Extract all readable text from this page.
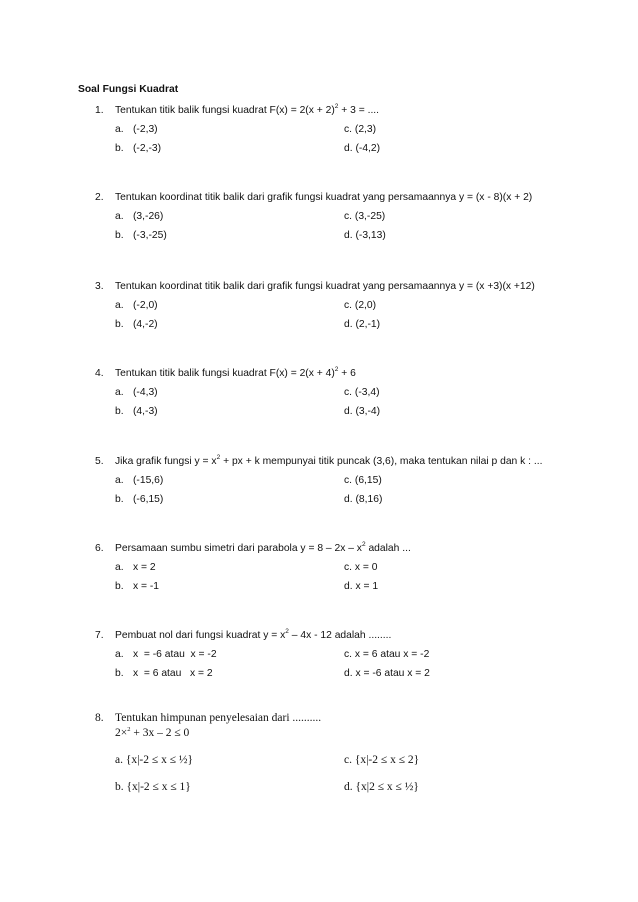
Soal Fungsi Kuadrat
1. Tentukan titik balik fungsi kuadrat $F(x) = 2(x + 2)^2 + 3$ = ....
a. (-2,3)	c. (2,3)
b. (-2,-3)	d. (-4,2)
2. Tentukan koordinat titik balik dari grafik fungsi kuadrat yang persamaannya y = (x - 8)(x + 2)
a. (3,-26)	c. (3,-25)
b. (-3,-25)	d. (-3,13)
3. Tentukan koordinat titik balik dari grafik fungsi kuadrat yang persamaannya y = (x +3)(x +12)
a. (-2,0)	c. (2,0)
b. (4,-2)	d. (2,-1)
4. Tentukan titik balik fungsi kuadrat $F(x) = 2(x + 4)^2 + 6$
a. (-4,3)	c. (-3,4)
b. (4,-3)	d. (3,-4)
5. Jika grafik fungsi $y = x^2$ + px + k mempunyai titik puncak (3,6), maka tentukan nilai p dan k : ...
a. (-15,6)	c. (6,15)
b. (-6,15)	d. (8,16)
6. Persamaan sumbu simetri dari parabola $y = 8 - 2x - x^2$ adalah ...
a. x = 2	c. x = 0
b. x = -1	d. x = 1
7. Pembuat nol dari fungsi kuadrat $y = x^2 - 4x - 12$ adalah ........
a. x  = -6 atau  x = -2	c. x = 6 atau x = -2
b. x  = 6 atau   x = 2	d. x = -6 atau x = 2
8. Tentukan himpunan penyelesaian dari ..........
2×$^2$ + 3x – 2 ≤ 0
a. {x|-2 ≤ x ≤ ½}	c. {x|-2 ≤ x ≤ 2}
b. {x|-2 ≤ x ≤ 1}	d. {x|2 ≤ x ≤ ½}
